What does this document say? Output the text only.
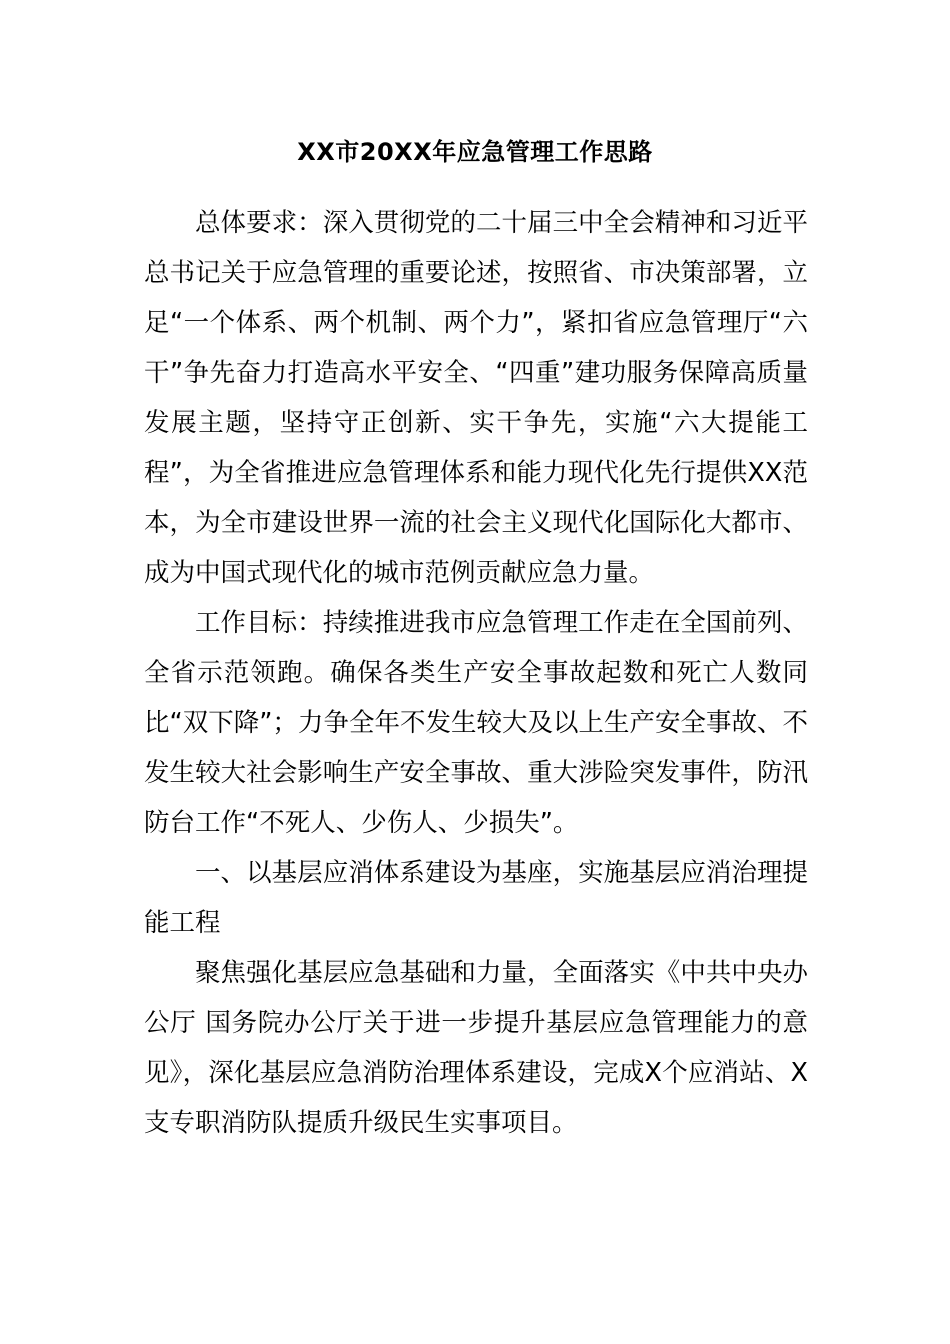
XX市20XX年应急管理工作思路

总体要求：深入贯彻党的二十届三中全会精神和习近平总书记关于应急管理的重要论述，按照省、市决策部署，立足“一个体系、两个机制、两个力”，紧扣省应急管理厅“六干”争先奋力打造高水平安全、“四重”建功服务保障高质量发展主题，坚持守正创新、实干争先，实施“六大提能工程”，为全省推进应急管理体系和能力现代化先行提供XX范本，为全市建设世界一流的社会主义现代化国际化大都市、成为中国式现代化的城市范例贡献应急力量。

工作目标：持续推进我市应急管理工作走在全国前列、全省示范领跑。确保各类生产安全事故起数和死亡人数同比“双下降”；力争全年不发生较大及以上生产安全事故、不发生较大社会影响生产安全事故、重大涉险突发事件，防汛防台工作“不死人、少伤人、少损失”。

一、以基层应消体系建设为基座，实施基层应消治理提能工程

聚焦强化基层应急基础和力量，全面落实《中共中央办公厅 国务院办公厅关于进一步提升基层应急管理能力的意见》，深化基层应急消防治理体系建设，完成X个应消站、X支专职消防队提质升级民生实事项目。
